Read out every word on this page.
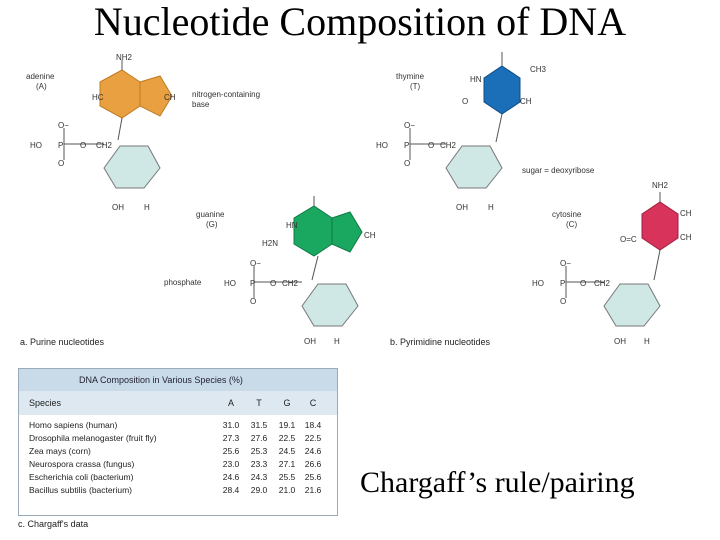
Nucleotide Composition of DNA
NH2
HC	CH
HO P
O−
O
O CH2
OH	H
HN
CH3
O	CH
HO P
O−
O
O CH2
OH	H
HN
H2N
CH
HO P
O−
O
O CH2
OH H
NH2
CH
CH
O=C
HO P
O−
O
O CH2
OH H
adenine
(A)
nitrogen-containing
base
thymine
(T)
sugar = deoxyribose
guanine
(G)
cytosine
(C)
phosphate
a. Purine nucleotides	b. Pyrimidine nucleotides
DNA Composition in Various Species (%)
Species	A	T	G	C
Homo sapiens (human)	31.0	31.5	19.1	18.4
Drosophila melanogaster (fruit fly)	27.3	27.6	22.5	22.5
Zea mays (corn)	25.6	25.3	24.5	24.6
Neurospora crassa (fungus)	23.0	23.3	27.1	26.6
Escherichia coli (bacterium)	24.6	24.3	25.5	25.6
Bacillus subtilis (bacterium)	28.4	29.0	21.0	21.6
c. Chargaff's data
Chargaff’s rule/pairing
